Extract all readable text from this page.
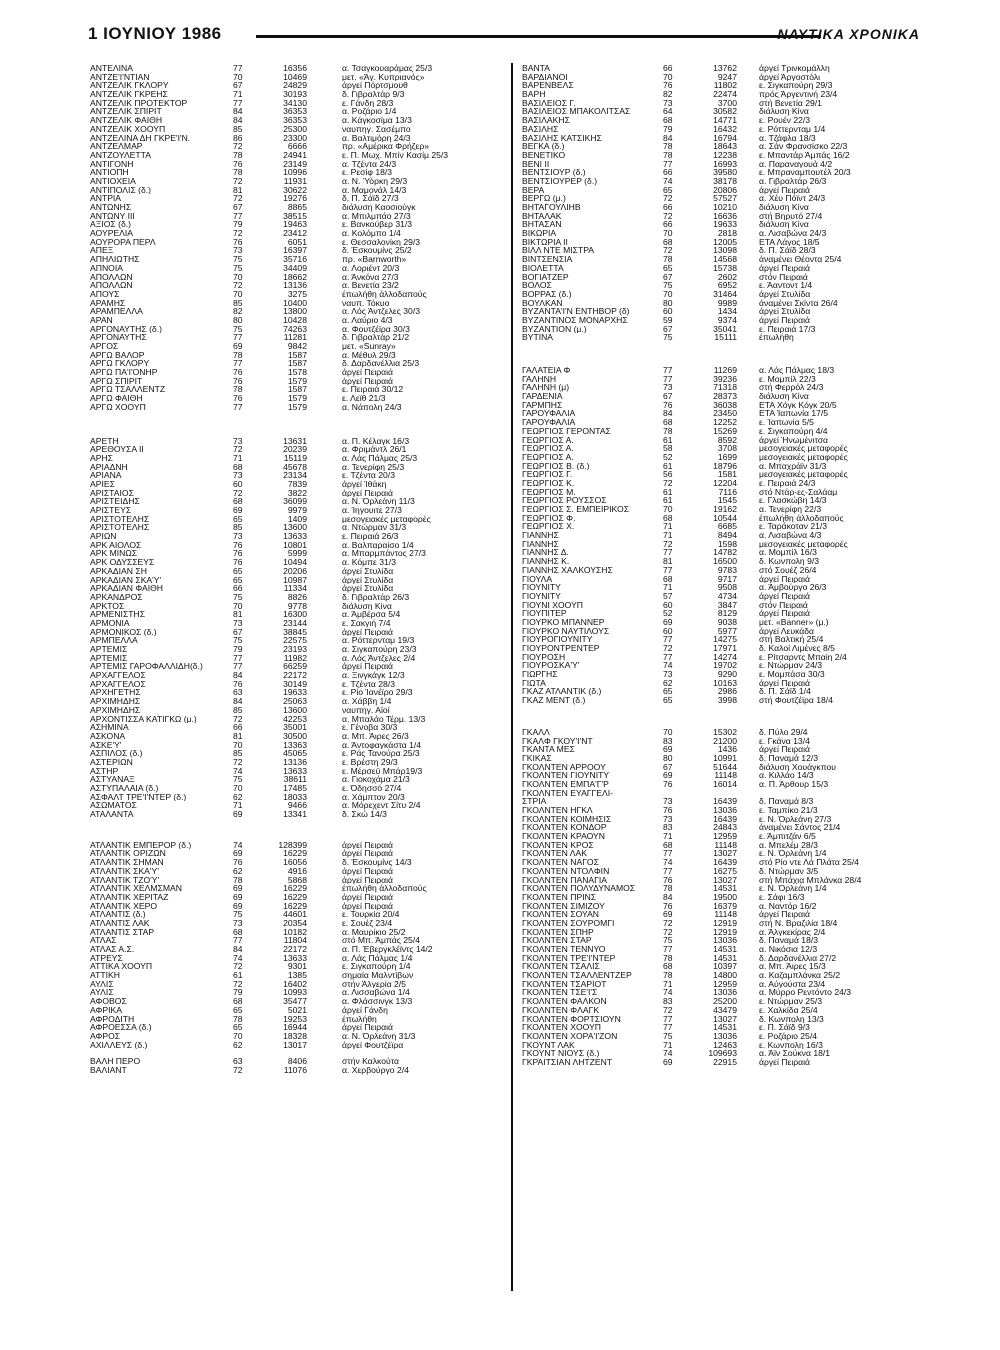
1 ΙΟΥΝΙΟΥ 1986	ΝΑΥΤΙΚΑ ΧΡΟΝΙΚΑ
ΑΝΤΕΛΙΝΑ	77	16356	α. Τσαγκουαράμας 25/3
ΑΝΤΖΕ'Ι'ΝΤΙΑΝ	70	10469	μετ. «Άγ. Κυπριανός»
ΑΝΤΖΕΛΙΚ ΓΚΛΟΡΥ	67	24829	άργεί Πόρτσμουθ
ΑΝΤΖΕΛΙΚ ΓΚΡΕΗΣ	71	30193	δ. Γιβραλτάρ 9/3
ΑΝΤΖΕΛΙΚ ΠΡΟΤΕΚΤΟΡ	77	34130	ε. Γάνδη 28/3
ΑΝΤΖΕΛΙΚ ΣΠΙΡΙΤ	84	36353	α. Ροζάριο 1/4
ΑΝΤΖΕΛΙΚ ΦΑΙΘΗ	84	36353	α. Κάγκοσίμα 13/3
ΑΝΤΖΕΛΙΚ ΧΟΟΥΠ	85	25300	ναυπηγ. Σασέμπο
ΑΝΤΖΕΛΙΝΑ ΔΗ ΓΚΡΕ'Ι'Ν.	86	23300	α. Βαλτιμόρη 24/3
ΑΝΤΖΕΛΜΑΡ	72	6666	πρ. «Αμέρικα Φρήζερ»
ΑΝΤΖΟΥΛΕΤΤΑ	78	24941	ε. Π. Μωχ. Μπίν Κασίμ 25/3
ΑΝΤΙΓΟΝΗ	76	23149	α. Τζέντα 24/3
ΑΝΤΙΟΠΗ	78	10996	ε. Ρεσίφ 18/3
ΑΝΤΙΟΧΕΙΑ	72	11931	α. Ν. Ύόρκη 29/3
ΑΝΤΙΠΟΛΙΣ (δ.)	81	30622	α. Μαμονάλ 14/3
ΑΝΤΡΙΑ	72	19276	δ. Π. Σάϊδ 27/3
ΑΝΤΩΝΗΣ	67	8865	διάλυση Καοσιούγκ
ΑΝΤΩΝΥ ΙΙΙ	77	38515	α. Μπιλμπάο 27/3
ΑΞΙΟΣ (δ.)	79	19463	ε. Βανκούβερ 31/3
ΑΟΥΡΕΛΙΑ	72	23412	α. Κολόμπο 1/4
ΑΟΥΡΟΡΑ ΠΕΡΛ	76	6051	ε. Θεσσαλονίκη 29/3
ΑΠΕΞ	73	16397	δ. Έσκουμίνς 25/2
ΑΠΗΛΙΩΤΗΣ	75	35716	πρ. «Barnworth»
ΑΠΝΟΙΑ	75	34409	α. Λοριέντ 20/3
ΑΠΟΛΛΩΝ	70	18662	α. Άνκόνα 27/3
ΑΠΟΛΛΩΝ	72	13136	α. Βενετία 23/2
ΑΠΟΥΣ	70	3275	έπωλήθη άλλοδαπούς
ΑΡΑΜΗΣ	85	10400	ναυπ. Τόκυο
ΑΡΑΜΠΕΛΛΑ	82	13800	α. Λός Άντζελες 30/3
ΑΡΑΝ	80	10428	α. Λαύριο 4/3
ΑΡΓΟΝΑΥΤΗΣ (δ.)	75	74263	α. Φουτζέϊρα 30/3
ΑΡΓΟΝΑΥΤΗΣ	77	11281	δ. Γιβραλτάρ 21/2
ΑΡΓΟΣ	69	9842	μετ. «Sunray»
ΑΡΓΩ ΒΑΛΟΡ	78	1587	α. Μέθυλ 29/3
ΑΡΓΩ ΓΚΛΟΡΥ	77	1587	δ. Δαρδανέλλια 25/3
ΑΡΓΩ ΠΑ'Ι'ΟΝΗΡ	76	1578	άργεί Πειραιά
ΑΡΓΩ ΣΠΙΡΙΤ	76	1579	άργεί Πειραιά
ΑΡΓΩ ΤΣΑΛΛΕΝΤΖ	78	1587	ε. Πειραιά 30/12
ΑΡΓΩ ΦΑΙΘΗ	76	1579	ε. Λεϊθ 21/3
ΑΡΓΩ ΧΟΟΥΠ	77	1579	α. Νάπολη 24/3
ΑΡΕΤΗ	73	13631	α. Π. Κέλαγκ 16/3
ΑΡΕΘΟΥΣΑ ΙΙ	72	20239	α. Φριμάντλ 26/1
ΑΡΗΣ	71	15119	α. Λάς Πάλμας 25/3
ΑΡΙΑΔΝΗ	68	45678	α. Τενερίφη 25/3
ΑΡΙΑΝΑ	73	23134	ε. Τζέντα 20/3
ΑΡΙΕΣ	60	7839	άργεί Ίθάκη
ΑΡΙΣΤΑΙΟΣ	72	3822	άργεί Πειραιά
ΑΡΙΣΤΕΙΔΗΣ	68	36099	α. Ν. Όρλεάνη 11/3
ΑΡΙΣΤΕΥΣ	69	9979	α. Ίηγουιτε 27/3
ΑΡΙΣΤΟΤΕΛΗΣ	65	1409	μεσογειακές μεταφορές
ΑΡΙΣΤΟΤΕΛΗΣ	85	13600	α. Ντώρμαν 31/3
ΑΡΙΩΝ	73	13633	ε. Πειραιά 26/3
ΑΡΚ ΑΙΟΛΟΣ	76	10801	α. Βαλπαραίσο 1/4
ΑΡΚ ΜΙΝΩΣ	76	5999	α. Μπαρμπάντος 27/3
ΑΡΚ ΟΔΥΣΣΕΥΣ	76	10494	α. Κόμπε 31/3
ΑΡΚΑΔΙΑΝ ΣΗ	65	20206	άργεί Στυλίδα
ΑΡΚΑΔΙΑΝ ΣΚΑ'Υ'	65	10987	άργεί Στυλίδα
ΑΡΚΑΔΙΑΝ ΦΑΙΘΗ	66	11334	άργεί Στυλίδα
ΑΡΚΑΝΔΡΟΣ	75	8826	δ. Γιβραλτάρ 26/3
ΑΡΚΤΟΣ	70	9778	διάλυση Κίνα
ΑΡΜΕΝΙΣΤΗΣ	81	16300	α. Άμβέρσα 5/4
ΑΡΜΟΝΙΑ	73	23144	ε. Σακγιή 7/4
ΑΡΜΟΝΙΚΟΣ (δ.)	67	38845	άργεί Πειραιά
ΑΡΜΠΕΛΛΑ	75	22575	α. Ρόττερνταμ 19/3
ΑΡΤΕΜΙΣ	79	23193	α. Σιγκαπούρη 23/3
ΑΡΤΕΜΙΣ	77	11982	α. Λός Άντζελες 2/4
ΑΡΤΕΜΙΣ ΓΑΡΟΦΑΛΛΙΔΗ(δ.)	77	66259	άργεί Πειραιά
ΑΡΧΑΓΓΕΛΟΣ	84	22172	α. Ξινγκάγκ 12/3
ΑΡΧΑΓΓΕΛΟΣ	76	30149	ε. Τζέντα 28/3
ΑΡΧΗΓΕΤΗΣ	63	19633	ε. Ρίο Ίανέϊρο 29/3
ΑΡΧΙΜΗΔΗΣ	84	25063	α. Χάββη 1/4
ΑΡΧΙΜΗΔΗΣ	85	13600	ναυπηγ. Αϊοί
ΑΡΧΟΝΤΙΣΣΑ ΚΑΤΙΓΚΩ (μ.)	72	42253	α. Μπαλάο Τέρμ. 13/3
ΑΣΗΜΙΝΑ	66	35001	ε. Γένοβα 30/3
ΑΣΚΟΝΑ	81	30500	α. Μπ. Άιρες 26/3
ΑΣΚΕ'Υ'	70	13363	α. Άντοφαγκάστα 1/4
ΑΣΠΙΛΟΣ (δ.)	85	45065	ε. Ράς Τανούρα 25/3
ΑΣΤΕΡΙΩΝ	72	13136	ε. Βρέστη 29/3
ΑΣΤΗΡ	74	13633	ε. Μέρσεϋ Μπάρ19/3
ΑΣΤΥΑΝΑΞ	75	38611	α. Γιοκοχάμα 21/3
ΑΣΤΥΠΑΛΑΙΑ (δ.)	70	17485	ε. Όδησσό 27/4
ΑΣΦΑΛΤ ΤΡΕ'Ι'ΝΤΕΡ (δ.)	62	18033	α. Χάμπτον 20/3
ΑΣΩΜΑΤΟΣ	71	9466	α. Μόρεχεντ Σίτυ 2/4
ΑΤΑΛΑΝΤΑ	69	13341	δ. Σκώ 14/3
ΑΤΛΑΝΤΙΚ ΕΜΠΕΡΟΡ (δ.)	74	128399	άργεί Πειραιά
ΑΤΛΑΝΤΙΚ ΟΡΙΖΩΝ	69	16229	άργεί Πειραιά
ΑΤΛΑΝΤΙΚ ΣΗΜΑΝ	76	16056	δ. Έσκουμίνς 14/3
ΑΤΛΑΝΤΙΚ ΣΚΑ'Υ'	62	4916	άργεί Πειραιά
ΑΤΛΑΝΤΙΚ ΤΖΟ'Υ'	78	5868	άργεί Πειραιά
ΑΤΛΑΝΤΙΚ ΧΕΛΜΣΜΑΝ	69	16229	έπωλήθη άλλοδαπούς
ΑΤΛΑΝΤΙΚ ΧΕΡΙΤΑΖ	69	16229	άργεί Πειραιά
ΑΤΛΑΝΤΙΚ ΧΕΡΟ	69	16229	άργεί Πειραιά
ΑΤΛΑΝΤΙΣ (δ.)	75	44601	ε. Τουρκία 20/4
ΑΤΛΑΝΤΙΣ ΛΑΚ	73	20354	ε. Σουέζ 23/4
ΑΤΛΑΝΤΙΣ ΣΤΑΡ	68	10182	α. Μαυρίκιο 25/2
ΑΤΛΑΣ	77	11804	στό Μπ. Άμπάς 25/4
ΑΤΛΑΣ Α.Σ.	84	22172	α. Π. Έβεργκλέϊντς 14/2
ΑΤΡΕΥΣ	74	13633	α. Λάς Πάλμας 1/4
ΑΤΤΙΚΑ ΧΟΟΥΠ	72	9301	ε. Σιγκαπούρη 1/4
ΑΤΤΙΚΗ	61	1385	σημαία Μαλντίβων
ΑΥΛΙΣ	72	16402	στήν Άλγερία 2/5
ΑΥΛΙΣ	79	10993	α. Λισσαβώνα 1/4
ΑΦΟΒΟΣ	68	35477	α. Φλάσσινγκ 13/3
ΑΦΡΙΚΑ	65	5021	άργεί Γάνδη
ΑΦΡΟΔΙΤΗ	78	19253	έπωλήθη
ΑΦΡΟΕΣΣΑ (δ.)	65	16944	άργεί Πειραιά
ΑΦΡΟΣ	70	18328	α. Ν. Όρλεάνη 31/3
ΑΧΙΛΛΕΥΣ (δ.)	62	13017	άργεί Φουτζέϊρα
ΒΑΛΗ ΠΕΡΟ	63	8406	στήν Καλκούτα
ΒΑΛΙΑΝΤ	72	11076	α. Χερβούργο 2/4
ΒΑΝΤΑ	66	13762	άργεί Τρινκομάλλη
ΒΑΡΔΙΑΝΟΙ	70	9247	άργεί Άργοστόλι
ΒΑΡΕΝΒΕΛΣ	76	11802	ε. Σιγκαπούρη 29/3
ΒΑΡΗ	82	22474	πρός Άργεντινή 23/4
ΒΑΣΙΛΕΙΟΣ Γ.	73	3700	στή Βενετία 29/1
ΒΑΣΙΛΕΙΟΣ ΜΠΑΚΟΛΙΤΣΑΣ	64	30582	διάλυση Κίνα
ΒΑΣΙΛΑΚΗΣ	68	14771	ε. Ρουέν 22/3
ΒΑΣΙΛΗΣ	79	16432	ε. Ρόττερνταμ 1/4
ΒΑΣΙΛΗΣ ΚΑΤΣΙΚΗΣ	84	16794	α. Τζάφλα 18/3
ΒΕΓΚΑ (δ.)	78	18643	α. Σάν Φρανσίσκο 22/3
ΒΕΝΕΤΙΚΟ	78	12238	ε. Μπαντάρ Άμπάς 16/2
ΒΕΝΙ ΙΙ	77	16993	α. Παραναγουά 4/2
ΒΕΝΤΣΙΟΥΡ (δ.)	66	39580	ε. Μπραναμπουτέλ 20/3
ΒΕΝΤΣΙΟΥΡΕΡ (δ.)	74	38178	α. Γιβραλτάρ 26/3
ΒΕΡΑ	65	20806	άργεί Πειραιά
ΒΕΡΓΩ (μ.)	72	57527	α. Χέυ Πόϊντ 24/3
ΒΗΤΑΓΟΥΛΙΗΒ	66	10210	διάλυση Κίνα
ΒΗΤΑΛΑΚ	72	16636	στή Βηρυτό 27/4
ΒΗΤΑΣΑΝ	66	19633	διάλυση Κίνα
ΒΙΚΩΡΙΑ	70	2818	α. Λισαβώνα 24/3
ΒΙΚΤΩΡΙΑ ΙΙ	68	12005	ΕΤΑ Λάγος 18/5
ΒΙΛΛ ΝΤΕ ΜΙΣΤΡΑ	72	13098	δ. Π. Σάϊδ 28/3
ΒΙΝΤΣΕΝΣΙΑ	78	14568	άναμένει Θέοντα 25/4
ΒΙΟΛΕΤΤΑ	65	15738	άργεί Πειραιά
ΒΟΓΙΑΤΖΕΡ	67	2602	στόν Πειραιά
ΒΟΛΟΣ	75	6952	ε. Άαντοντ 1/4
ΒΟΡΡΑΣ (δ.)	70	31464	άργεί Στυλίδα
ΒΟΥΛΚΑΝ	80	9989	άναμένει Σκίντα 26/4
ΒΥΖΑΝΤΑ'Ι'Ν ΕΝΤΗΒΟΡ (δ)	60	1434	άργεί Στυλίδα
ΒΥΖΑΝΤΙΝΟΣ ΜΟΝΑΡΧΗΣ	59	9374	άργεί Πειραιά
ΒΥΖΑΝΤΙΟΝ (μ.)	67	35041	ε. Πειραιά 17/3
ΒΥΤΙΝΑ	75	15111	έπωλήθη
ΓΑΛΑΤΕΙΑ Φ	77	11269	α. Λάς Πάλμας 18/3
ΓΑΛΗΝΗ	77	39236	ε. Μομπίλ 22/3
ΓΑΛΗΝΗ (μ)	73	71318	στή Φερρόλ 24/3
ΓΑΡΔΕΝΙΑ	67	28373	διάλυση Κίνα
ΓΑΡΜΠΗΣ	76	36038	ΕΤΑ Χόγκ Κόγκ 20/5
ΓΑΡΟΥΦΑΛΙΑ	84	23450	ΕΤΑ Ίαπωνία 17/5
ΓΑΡΟΥΦΑΛΙΑ	68	12252	ε. Ίαπωνία 5/5
ΓΕΩΡΓΙΟΣ ΓΕΡΟΝΤΑΣ	78	15269	ε. Σιγκαπούρη 4/4
ΓΕΩΡΓΙΟΣ Α.	61	8592	άργεί Ήνωμένιτσα
ΓΕΩΡΓΙΟΣ Α.	58	3708	μεσογειακές μεταφορές
ΓΕΩΡΓΙΟΣ Α.	52	1699	μεσογειακές μεταφορές
ΓΕΩΡΓΙΟΣ Β. (δ.)	61	18796	α. Μπαχράϊν 31/3
ΓΕΩΡΓΙΟΣ Γ.	56	1581	μεσογειακές μεταφορές
ΓΕΩΡΓΙΟΣ Κ.	72	12204	ε. Πειραιά 24/3
ΓΕΩΡΓΙΟΣ Μ.	61	7116	στό Ντάρ-ες-Σαλάαμ
ΓΕΩΡΓΙΟΣ ΡΟΥΣΣΟΣ	61	1545	ε. Γλασκώβη 14/3
ΓΕΩΡΓΙΟΣ Σ. ΕΜΠΕΙΡΙΚΟΣ	70	19162	α. Τενερίφη 22/3
ΓΕΩΡΓΙΟΣ Φ.	68	10544	έπωλήθη άλλοδαπούς
ΓΕΩΡΓΙΟΣ Χ.	71	6685	ε. Ταράκοταν 21/3
ΓΙΑΝΝΗΣ	71	8494	α. Λισαβώνα 4/3
ΓΙΑΝΝΗΣ	72	1598	μεσογειακές μεταφορές
ΓΙΑΝΝΗΣ Δ.	77	14782	α. Μομπίλ 16/3
ΓΙΑΝΝΗΣ Κ.	81	16500	δ. Κωνπολη 9/3
ΓΙΑΝΝΗΣ ΧΑΛΚΟΥΣΗΣ	77	9783	στό Σουέζ 26/4
ΓΙΟΥΛΑ	68	9717	άργεί Πειραιά
ΓΙΟΥΝΙΤΥ	71	9508	α. Άμβούργο 26/3
ΓΙΟΥΝΙΤΥ	57	4734	άργεί Πειραιά
ΓΙΟΥΝΙ ΧΟΟΥΠ	60	3847	στόν Πειραιά
ΓΙΟΥΠΙΤΕΡ	52	8129	άργεί Πειραιά
ΓΙΟΥΡΚΟ ΜΠΑΝΝΕΡ	69	9038	μετ. «Banner» (μ.)
ΓΙΟΥΡΚΟ ΝΑΥΤΙΛΟΥΣ	60	5977	άργεί Λευκάδα
ΓΙΟΥΡΟΓΙΟΥΝΙΤΥ	77	14275	στή Βαλτική 25/4
ΓΙΟΥΡΟΝΤΡΕΝΤΕΡ	72	17971	δ. Καλοί Λιμένες 8/5
ΓΙΟΥΡΟΣΗ	77	14274	ε. Ρίτσαρντς Μπαίη 2/4
ΓΙΟΥΡΟΣΚΑ'Υ'	74	19702	ε. Ντώρμαν 24/3
ΓΙΩΡΓΗΣ	73	9290	ε. Μομπάσα 30/3
ΓΙΩΤΑ	62	10163	άργεί Πειραιά
ΓΚΑΖ ΑΤΛΑΝΤΙΚ (δ.)	65	2986	δ. Π. Σάϊδ 1/4
ΓΚΑΖ ΜΕΝΤ (δ.)	65	3998	στή Φουτζέϊρα 18/4
ΓΚΑΛΛ	70	15302	δ. Πύλο 29/4
ΓΚΑΛΦ ΓΚΟΥ'Ι'ΝΤ	83	21200	ε. Γκάνα 13/4
ΓΚΑΝΤΑ ΜΕΣ	69	1436	άργεί Πειραιά
ΓΚΙΚΑΣ	80	10991	δ. Παναμά 12/3
ΓΚΟΛΝΤΕΝ ΑΡΡΟΟΥ	67	51644	διάλυση Χουάγκπου
ΓΚΟΛΝΤΕΝ ΓΙΟΥΝΙΤΥ	69	11148	α. Κιλλάο 14/3
ΓΚΟΛΝΤΕΝ ΕΜΠΑ'Γ'Ρ	76	16014	α. Π. Άρθουρ 15/3
ΓΚΟΛΝΤΕΝ ΕΥΑΓΓΕΛΙ-
ΣΤΡΙΑ	73	16439	δ. Παναμά 8/3
ΓΚΟΛΝΤΕΝ ΗΓΚΛ	76	13036	ε. Ταμπίκο 21/3
ΓΚΟΛΝΤΕΝ ΚΟΙΜΗΣΙΣ	73	16439	ε. Ν. Όρλεάνη 27/3
ΓΚΟΛΝΤΕΝ ΚΟΝΔΟΡ	83	24843	άναμένει Σάντος 21/4
ΓΚΟΛΝΤΕΝ ΚΡΑΟΥΝ	71	12959	ε. Άμπιτζάν 6/5
ΓΚΟΛΝΤΕΝ ΚΡΟΣ	68	11148	α. Μπελέμ 28/3
ΓΚΟΛΝΤΕΝ ΛΑΚ	77	13027	ε. Ν. Όρλεάνη 1/4
ΓΚΟΛΝΤΕΝ ΝΑΓΟΣ	74	16439	στό Ρίο ντε Λά Πλάτα 25/4
ΓΚΟΛΝΤΕΝ ΝΤΟΛΦΙΝ	77	16275	δ. Ντώρμαν 3/5
ΓΚΟΛΝΤΕΝ ΠΑΝΑΓΙΑ	76	13027	στή Μπάχια Μπλάνκα 28/4
ΓΚΟΛΝΤΕΝ ΠΟΛΥΔΥΝΑΜΟΣ	78	14531	ε. Ν. Όρλεάνη 1/4
ΓΚΟΛΝΤΕΝ ΠΡΙΝΣ	84	19500	ε. Σάφι 16/3
ΓΚΟΛΝΤΕΝ ΣΙΜΙΖΟΥ	76	16379	α. Ναντόρ 16/2
ΓΚΟΛΝΤΕΝ ΣΟΥΑΝ	69	11148	άργεί Πειραιά
ΓΚΟΛΝΤΕΝ ΣΟΥΡΟΜΓΙ	72	12919	στή Ν. Βραζιλία 18/4
ΓΚΟΛΝΤΕΝ ΣΠΗΡ	72	12919	α. Άλγκεκίρας 2/4
ΓΚΟΛΝΤΕΝ ΣΤΑΡ	75	13036	δ. Παναμά 18/3
ΓΚΟΛΝΤΕΝ ΤΕΝΝΥΟ	77	14531	α. Νικόσια 12/3
ΓΚΟΛΝΤΕΝ ΤΡΕ'Ι'ΝΤΕΡ	78	14531	δ. Δαρδανέλλια 27/2
ΓΚΟΛΝΤΕΝ ΤΣΑΛΙΣ	68	10397	α. Μπ. Άιρες 15/3
ΓΚΟΛΝΤΕΝ ΤΣΑΛΛΕΝΤΖΕΡ	78	14800	α. Καζαμπλάνκα 25/2
ΓΚΟΛΝΤΕΝ ΤΣΑΡΙΟΤ	71	12959	α. Αύγούστα 23/4
ΓΚΟΛΝΤΕΝ ΤΣΕ'Ι'Σ	74	13036	α. Μύρρο Ρεντόντο 24/3
ΓΚΟΛΝΤΕΝ ΦΑΛΚΟΝ	83	25200	ε. Ντώρμαν 25/3
ΓΚΟΛΝΤΕΝ ΦΛΑΓΚ	72	43479	ε. Χαλκίδα 25/4
ΓΚΟΛΝΤΕΝ ΦΟΡΤΣΙΟΥΝ	77	13027	δ. Κωνπολη 13/3
ΓΚΟΛΝΤΕΝ ΧΟΟΥΠ	77	14531	ε. Π. Σάϊδ 9/3
ΓΚΟΛΝΤΕΝ ΧΟΡΑ'Ι'ΖΟΝ	75	13036	ε. Ροζάριο 25/4
ΓΚΟΥΝΤ ΛΑΚ	71	12463	ε. Κωνπολη 16/3
ΓΚΟΥΝΤ ΝΙΟΥΣ (δ.)	74	109693	α. Άϊν Σούκνα 18/1
ΓΚΡΑΙΤΣΙΑΝ ΛΗΤΖΕΝΤ	69	22915	άργεί Πειραιά
